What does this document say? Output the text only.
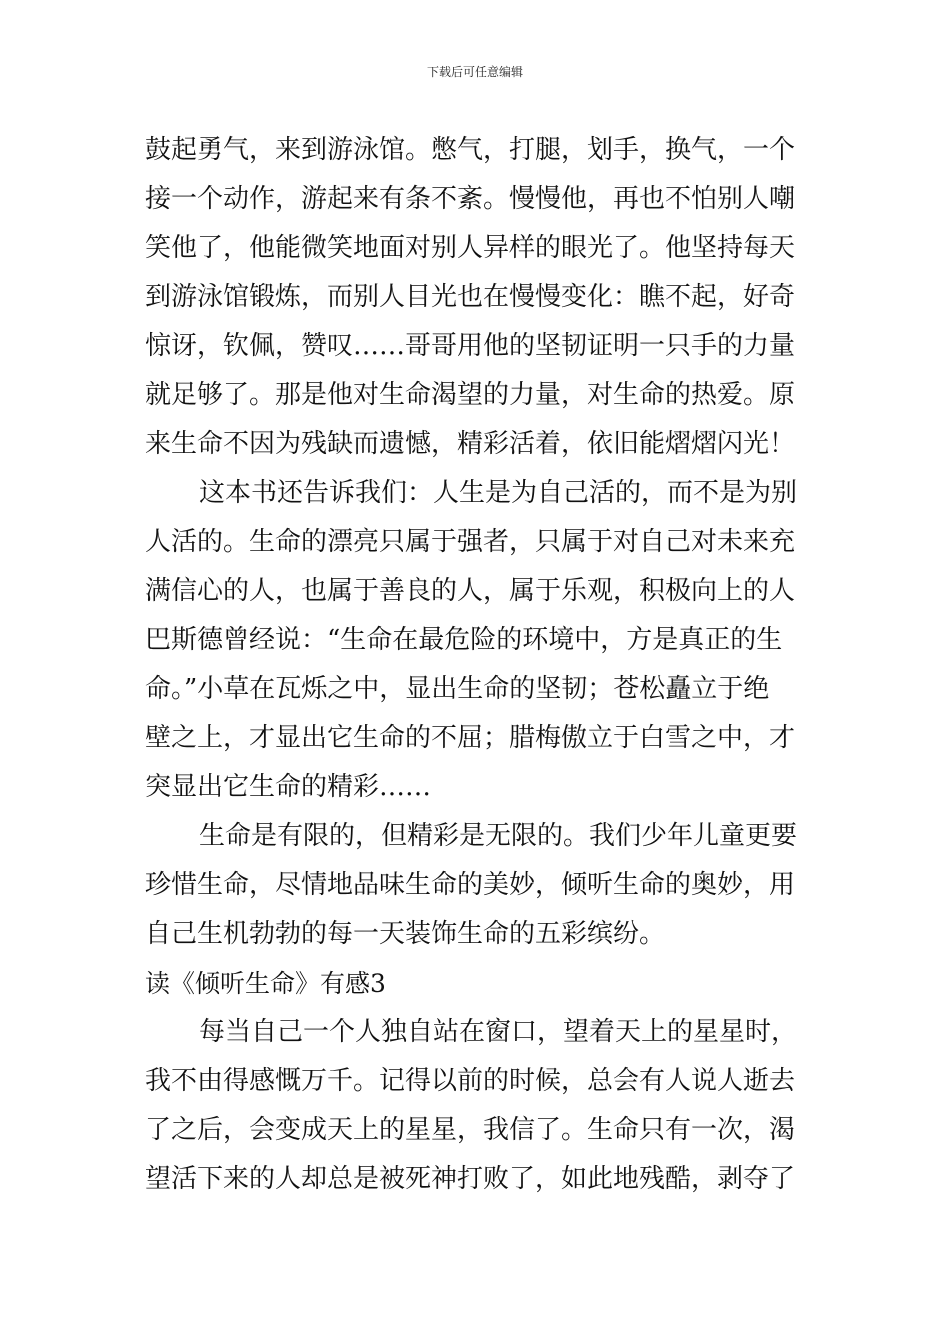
下载后可任意编辑
鼓起勇气，来到游泳馆。憋气，打腿，划手，换气，一个
接一个动作，游起来有条不紊。慢慢他，再也不怕别人嘲
笑他了，他能微笑地面对别人异样的眼光了。他坚持每天
到游泳馆锻炼，而别人目光也在慢慢变化：瞧不起，好奇
惊讶，钦佩，赞叹……哥哥用他的坚韧证明一只手的力量
就足够了。那是他对生命渴望的力量，对生命的热爱。原
来生命不因为残缺而遗憾，精彩活着，依旧能熠熠闪光！
这本书还告诉我们：人生是为自己活的，而不是为别
人活的。生命的漂亮只属于强者，只属于对自己对未来充
满信心的人，也属于善良的人，属于乐观，积极向上的人
巴斯德曾经说：“生命在最危险的环境中，方是真正的生
命。”小草在瓦烁之中，显出生命的坚韧；苍松矗立于绝
壁之上，才显出它生命的不屈；腊梅傲立于白雪之中，才
突显出它生命的精彩……
生命是有限的，但精彩是无限的。我们少年儿童更要
珍惜生命，尽情地品味生命的美妙，倾听生命的奥妙，用
自己生机勃勃的每一天装饰生命的五彩缤纷。
读《倾听生命》有感3
每当自己一个人独自站在窗口，望着天上的星星时，
我不由得感慨万千。记得以前的时候，总会有人说人逝去
了之后，会变成天上的星星，我信了。生命只有一次，渴
望活下来的人却总是被死神打败了，如此地残酷，剥夺了
